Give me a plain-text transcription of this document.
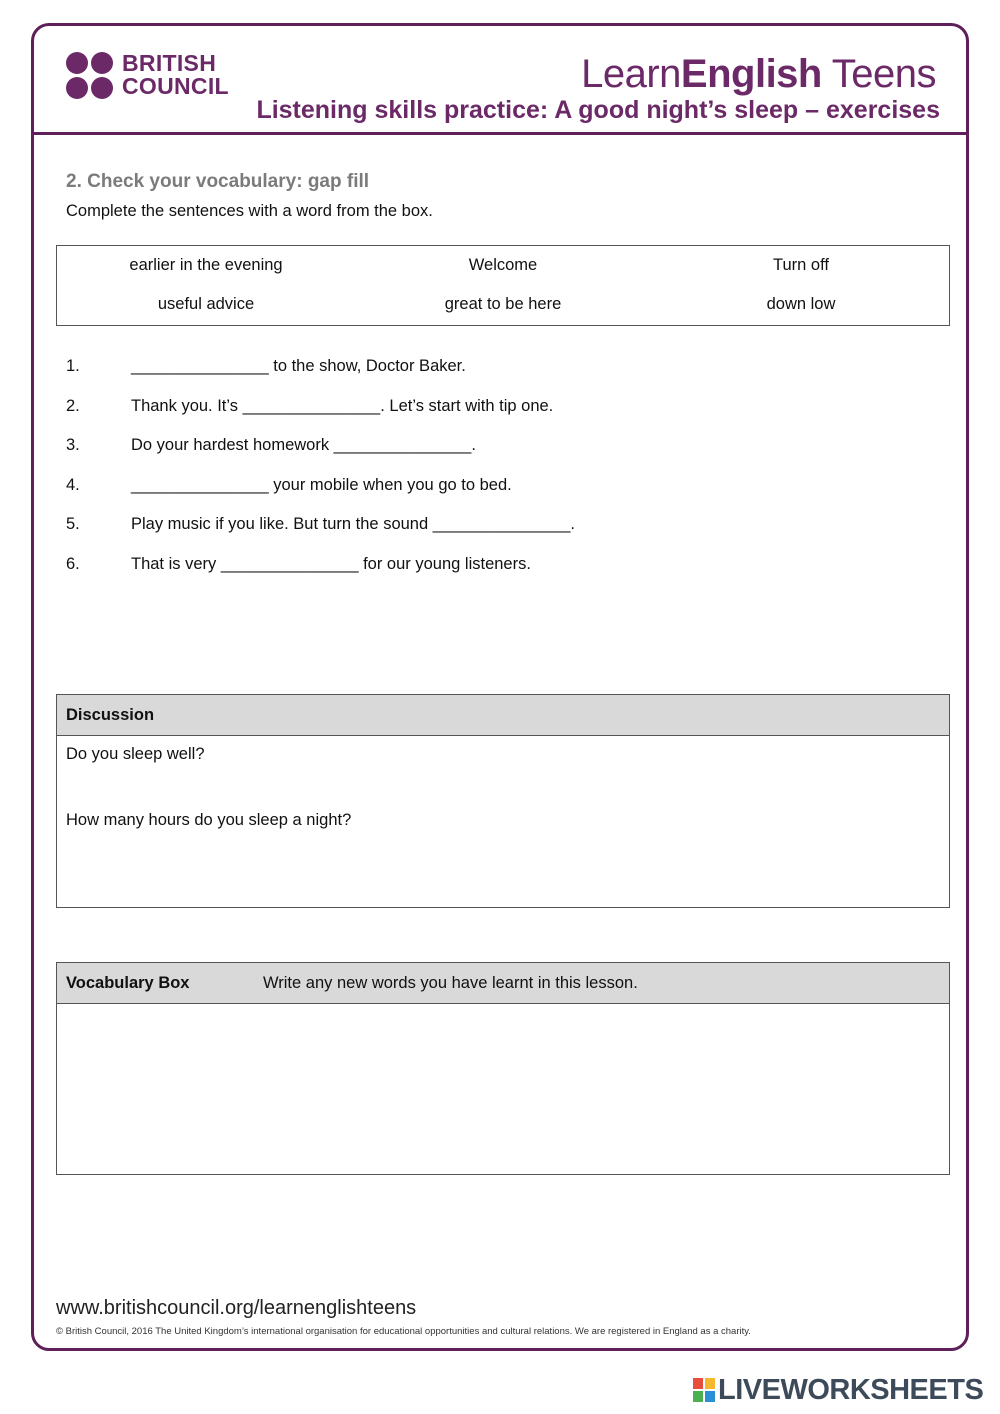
BRITISH
COUNCIL	LearnEnglish Teens
Listening skills practice: A good night’s sleep – exercises
2. Check your vocabulary: gap fill
Complete the sentences with a word from the box.
earlier in the evening	Welcome	Turn off
useful advice	great to be here	down low
1.	_______________ to the show, Doctor Baker.
2.	Thank you. It’s _______________. Let’s start with tip one.
3.	Do your hardest homework _______________.
4.	_______________ your mobile when you go to bed.
5.	Play music if you like. But turn the sound _______________.
6.	That is very _______________ for our young listeners.
Discussion
Do you sleep well?
How many hours do you sleep a night?
Vocabulary Box	Write any new words you have learnt in this lesson.
www.britishcouncil.org/learnenglishteens
© British Council, 2016 The United Kingdom’s international organisation for educational opportunities and cultural relations. We are registered in England as a charity.
LIVEWORKSHEETS
